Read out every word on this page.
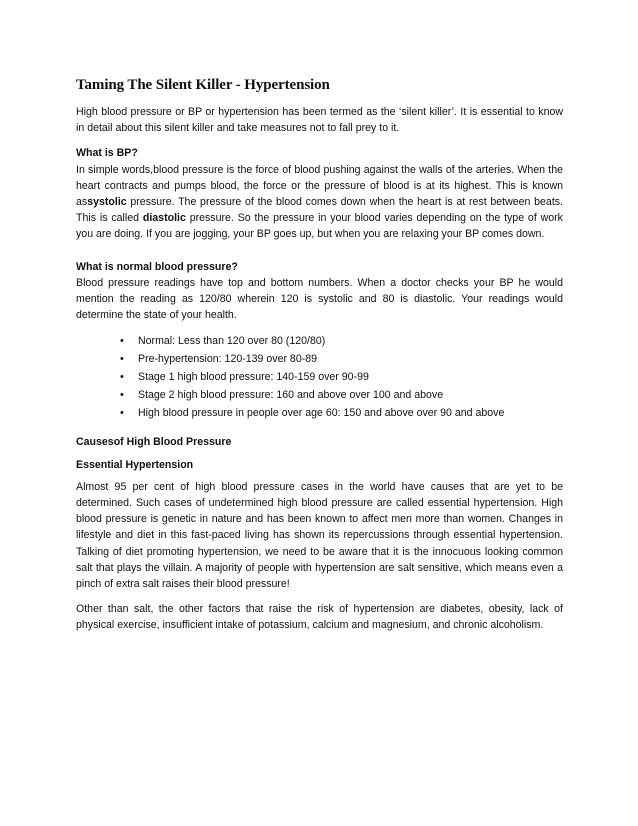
Taming The Silent Killer - Hypertension

High blood pressure or BP or hypertension has been termed as the ‘silent killer’. It is essential to know in detail about this silent killer and take measures not to fall prey to it.

What is BP?

In simple words,blood pressure is the force of blood pushing against the walls of the arteries. When the heart contracts and pumps blood, the force or the pressure of blood is at its highest. This is known assystolic pressure. The pressure of the blood comes down when the heart is at rest between beats. This is called diastolic pressure. So the pressure in your blood varies depending on the type of work you are doing. If you are jogging, your BP goes up, but when you are relaxing your BP comes down.

What is normal blood pressure?

Blood pressure readings have top and bottom numbers. When a doctor checks your BP he would mention the reading as 120/80 wherein 120 is systolic and 80 is diastolic. Your readings would determine the state of your health.

• Normal: Less than 120 over 80 (120/80)
• Pre-hypertension: 120-139 over 80-89
• Stage 1 high blood pressure: 140-159 over 90-99
• Stage 2 high blood pressure: 160 and above over 100 and above
• High blood pressure in people over age 60: 150 and above over 90 and above

Causesof High Blood Pressure

Essential Hypertension

Almost 95 per cent of high blood pressure cases in the world have causes that are yet to be determined. Such cases of undetermined high blood pressure are called essential hypertension. High blood pressure is genetic in nature and has been known to affect men more than women. Changes in lifestyle and diet in this fast-paced living has shown its repercussions through essential hypertension. Talking of diet promoting hypertension, we need to be aware that it is the innocuous looking common salt that plays the villain. A majority of people with hypertension are salt sensitive, which means even a pinch of extra salt raises their blood pressure!

Other than salt, the other factors that raise the risk of hypertension are diabetes, obesity, lack of physical exercise, insufficient intake of potassium, calcium and magnesium, and chronic alcoholism.
